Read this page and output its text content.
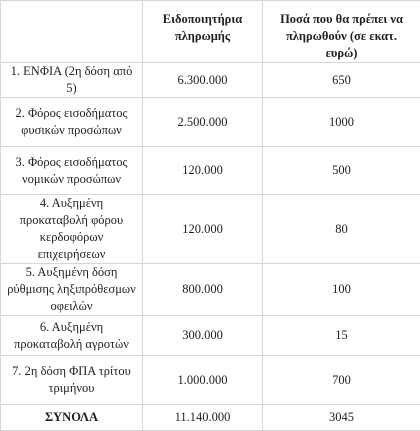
	Ειδοποιητήρια πληρωμής	Ποσά που θα πρέπει να πληρωθούν (σε εκατ. ευρώ)
1. ΕΝΦΙΑ (2η δόση από 5)	6.300.000	650
2. Φόρος εισοδήματος φυσικών προσώπων	2.500.000	1000
3. Φόρος εισοδήματος νομικών προσώπων	120.000	500
4. Αυξημένη προκαταβολή φόρου κερδοφόρων επιχειρήσεων	120.000	80
5. Αυξημένη δόση ρύθμισης ληξιπρόθεσμων οφειλών	800.000	100
6. Αυξημένη προκαταβολή αγροτών	300.000	15
7. 2η δόση ΦΠΑ τρίτου τριμήνου	1.000.000	700
ΣΥΝΟΛΑ	11.140.000	3045
